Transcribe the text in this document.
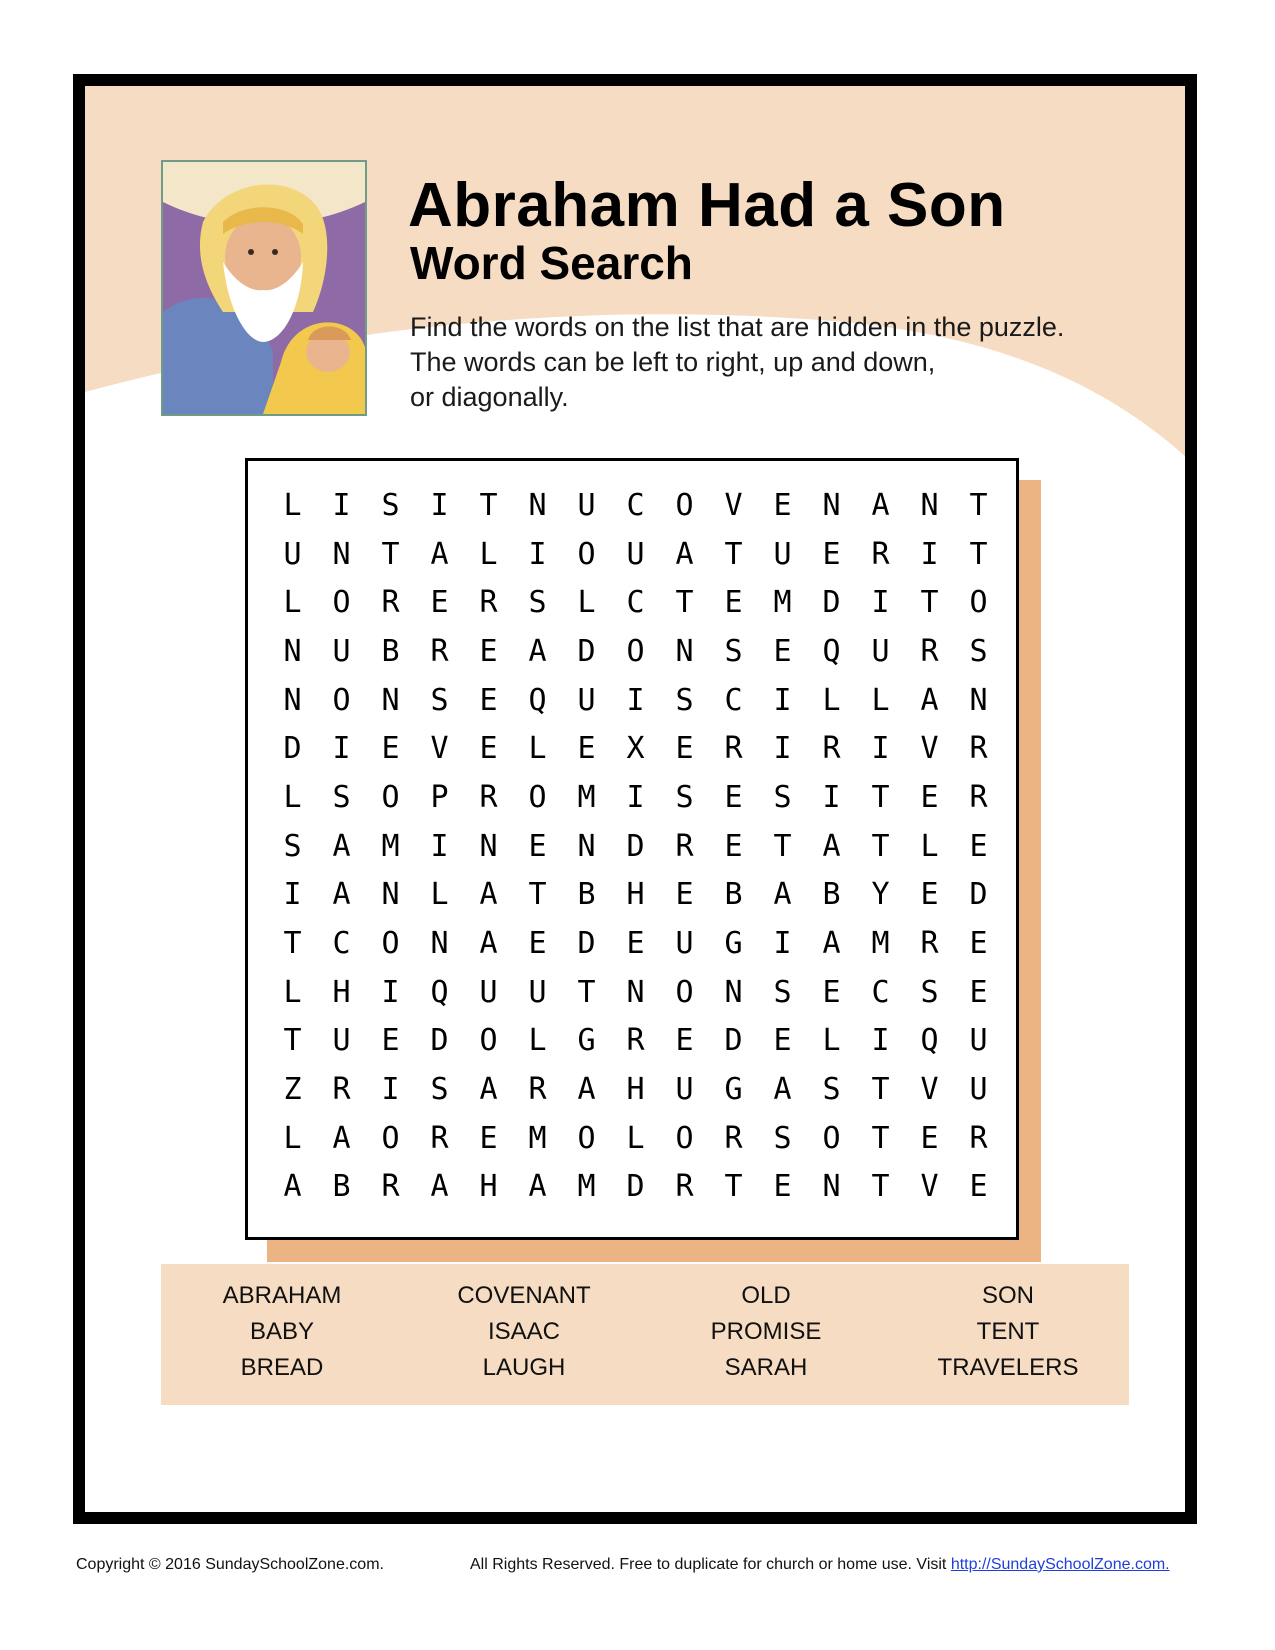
Abraham Had a Son
Word Search
Find the words on the list that are hidden in the puzzle.
The words can be left to right, up and down,
or diagonally.
L	I	S	I	T	N	U	C	O	V	E	N	A	N	T
U	N	T	A	L	I	O	U	A	T	U	E	R	I	T
L	O	R	E	R	S	L	C	T	E	M	D	I	T	O
N	U	B	R	E	A	D	O	N	S	E	Q	U	R	S
N	O	N	S	E	Q	U	I	S	C	I	L	L	A	N
D	I	E	V	E	L	E	X	E	R	I	R	I	V	R
L	S	O	P	R	O	M	I	S	E	S	I	T	E	R
S	A	M	I	N	E	N	D	R	E	T	A	T	L	E
I	A	N	L	A	T	B	H	E	B	A	B	Y	E	D
T	C	O	N	A	E	D	E	U	G	I	A	M	R	E
L	H	I	Q	U	U	T	N	O	N	S	E	C	S	E
T	U	E	D	O	L	G	R	E	D	E	L	I	Q	U
Z	R	I	S	A	R	A	H	U	G	A	S	T	V	U
L	A	O	R	E	M	O	L	O	R	S	O	T	E	R
A	B	R	A	H	A	M	D	R	T	E	N	T	V	E
ABRAHAM
BABY
BREAD
COVENANT
ISAAC
LAUGH
OLD
PROMISE
SARAH
SON
TENT
TRAVELERS
Copyright © 2016 SundaySchoolZone.com.	All Rights Reserved. Free to duplicate for church or home use. Visit http://SundaySchoolZone.com.
